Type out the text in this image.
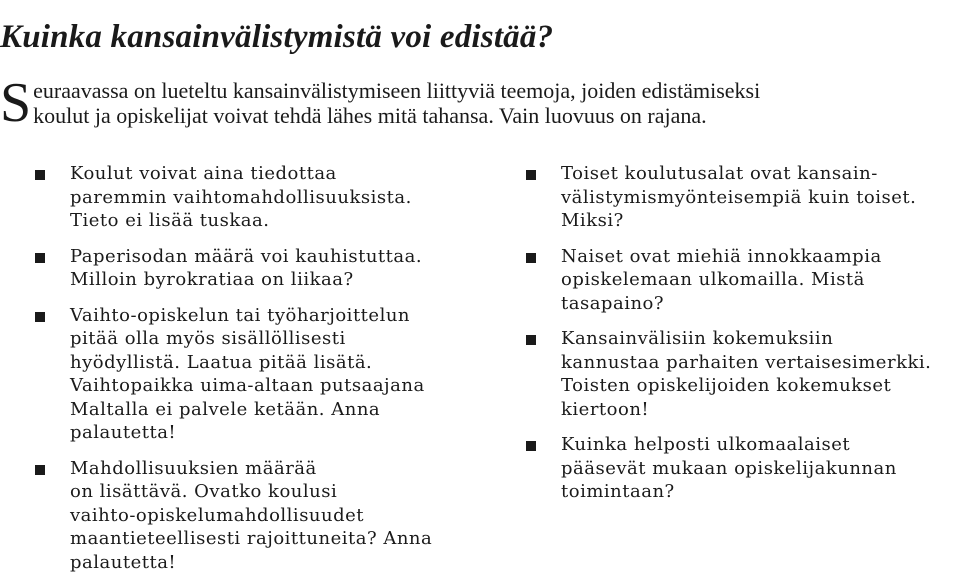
Kuinka kansainvälistymistä voi edistää?

Seuraavassa on lueteltu kansainvälistymiseen liittyviä teemoja, joiden edistämiseksi koulut ja opiskelijat voivat tehdä lähes mitä tahansa. Vain luovuus on rajana.

Koulut voivat aina tiedottaa
paremmin vaihtomahdollisuuksista.
Tieto ei lisää tuskaa.
Paperisodan määrä voi kauhistuttaa.
Milloin byrokratiaa on liikaa?
Vaihto-opiskelun tai työharjoittelun
pitää olla myös sisällöllisesti
hyödyllistä. Laatua pitää lisätä.
Vaihtopaikka uima-altaan putsaajana
Maltalla ei palvele ketään. Anna
palautetta!
Mahdollisuuksien määrää
on lisättävä. Ovatko koulusi
vaihto-opiskelumahdollisuudet
maantieteellisesti rajoittuneita? Anna
palautetta!
Toiset koulutusalat ovat kansain-
välistymismyönteisempiä kuin toiset.
Miksi?
Naiset ovat miehiä innokkaampia
opiskelemaan ulkomailla. Mistä
tasapaino?
Kansainvälisiin kokemuksiin
kannustaa parhaiten vertaisesimerkki.
Toisten opiskelijoiden kokemukset
kiertoon!
Kuinka helposti ulkomaalaiset
pääsevät mukaan opiskelijakunnan
toimintaan?
